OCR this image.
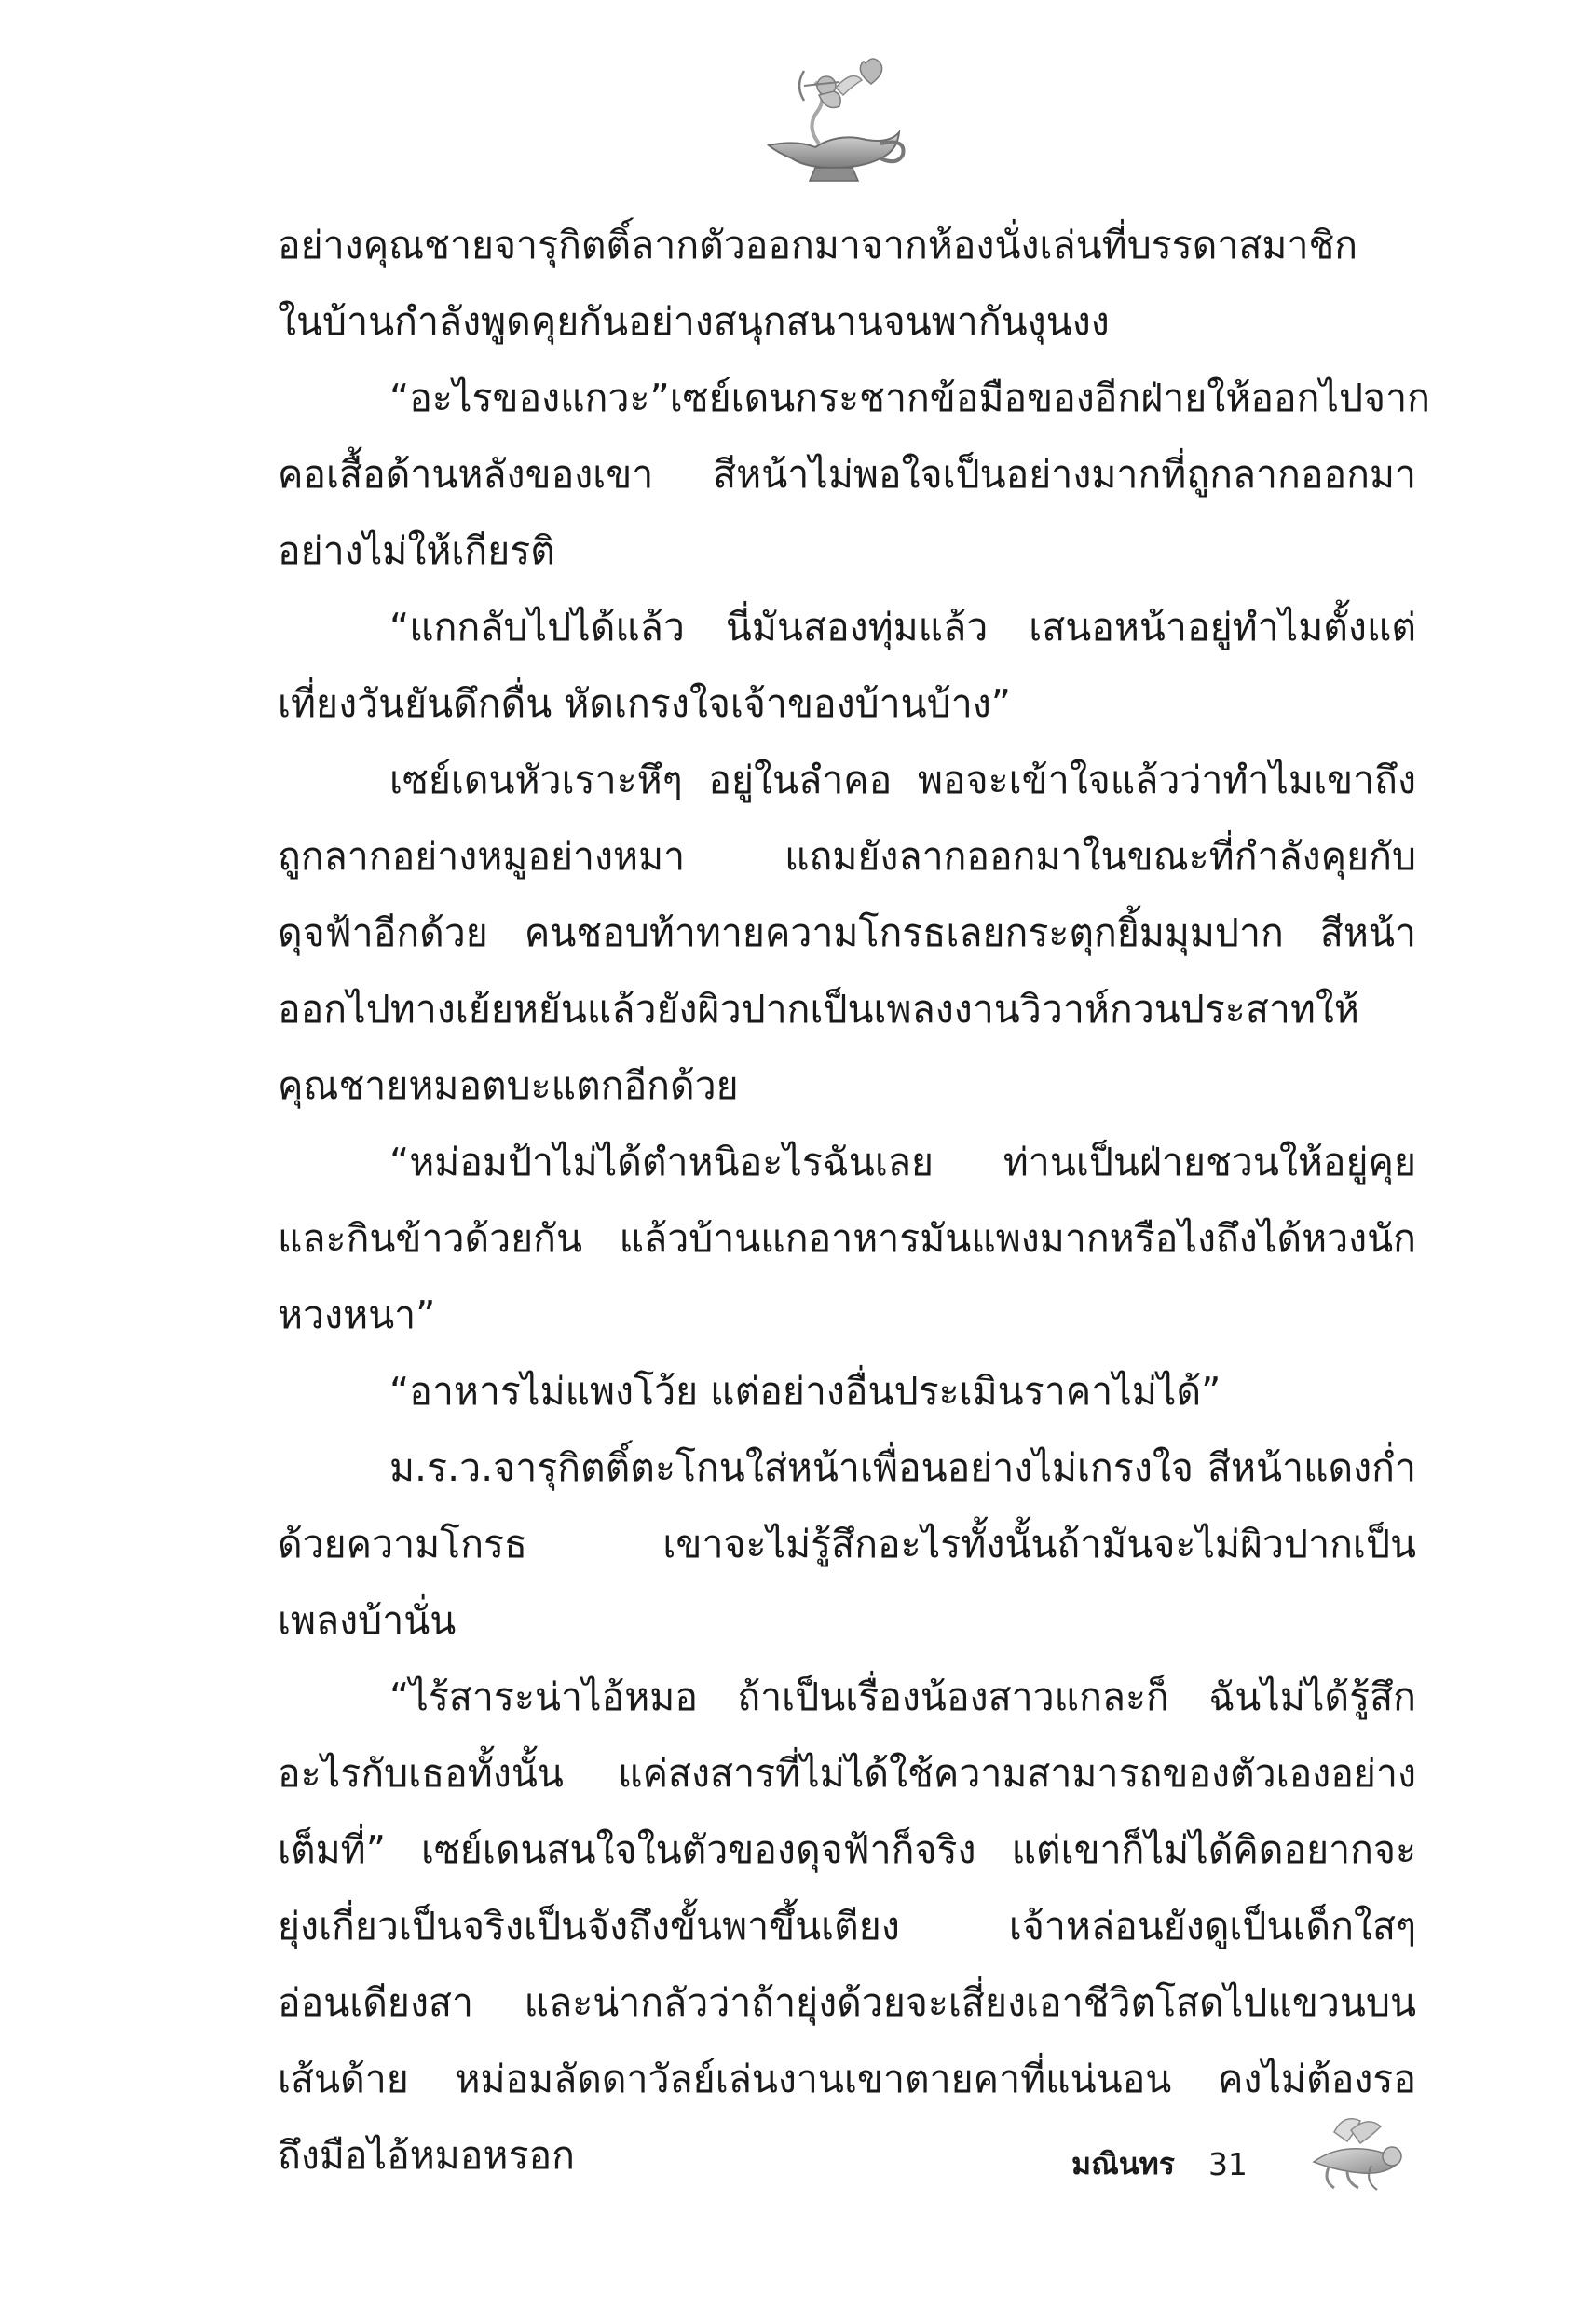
อย่างคุณชายจารุกิตติ์ลากตัวออกมาจากห้องนั่งเล่นที่บรรดาสมาชิก
ในบ้านกำลังพูดคุยกันอย่างสนุกสนานจนพากันงุนงง
“อะไรของแกวะ” เซย์เดนกระชากข้อมือของอีกฝ่ายให้ออกไปจาก
คอเสื้อด้านหลังของเขา สีหน้าไม่พอใจเป็นอย่างมากที่ถูกลากออกมา
อย่างไม่ให้เกียรติ
“แกกลับไปได้แล้ว นี่มันสองทุ่มแล้ว เสนอหน้าอยู่ทำไมตั้งแต่
เที่ยงวันยันดึกดื่น หัดเกรงใจเจ้าของบ้านบ้าง”
เซย์เดนหัวเราะหึๆ อยู่ในลำคอ พอจะเข้าใจแล้วว่าทำไมเขาถึง
ถูกลากอย่างหมูอย่างหมา	แถมยังลากออกมาในขณะที่กำลังคุยกับ
ดุจฟ้าอีกด้วย คนชอบท้าทายความโกรธเลยกระตุกยิ้มมุมปาก สีหน้า
ออกไปทางเย้ยหยันแล้วยังผิวปากเป็นเพลงงานวิวาห์กวนประสาทให้
คุณชายหมอตบะแตกอีกด้วย
“หม่อมป้าไม่ได้ตำหนิอะไรฉันเลย ท่านเป็นฝ่ายชวนให้อยู่คุย
และกินข้าวด้วยกัน แล้วบ้านแกอาหารมันแพงมากหรือไงถึงได้หวงนัก
หวงหนา”
“อาหารไม่แพงโว้ย แต่อย่างอื่นประเมินราคาไม่ได้”
ม.ร.ว.จารุกิตติ์ตะโกนใส่หน้าเพื่อนอย่างไม่เกรงใจ สีหน้าแดงก่ำ
ด้วยความโกรธ	เขาจะไม่รู้สึกอะไรทั้งนั้นถ้ามันจะไม่ผิวปากเป็น
เพลงบ้านั่น
“ไร้สาระน่าไอ้หมอ ถ้าเป็นเรื่องน้องสาวแกละก็ ฉันไม่ได้รู้สึก
อะไรกับเธอทั้งนั้น แค่สงสารที่ไม่ได้ใช้ความสามารถของตัวเองอย่าง
เต็มที่” เซย์เดนสนใจในตัวของดุจฟ้าก็จริง แต่เขาก็ไม่ได้คิดอยากจะ
ยุ่งเกี่ยวเป็นจริงเป็นจังถึงขั้นพาขึ้นเตียง	เจ้าหล่อนยังดูเป็นเด็กใสๆ
อ่อนเดียงสา และน่ากลัวว่าถ้ายุ่งด้วยจะเสี่ยงเอาชีวิตโสดไปแขวนบน
เส้นด้าย หม่อมลัดดาวัลย์เล่นงานเขาตายคาที่แน่นอน คงไม่ต้องรอ
ถึงมือไอ้หมอหรอก	มณินทร 31
